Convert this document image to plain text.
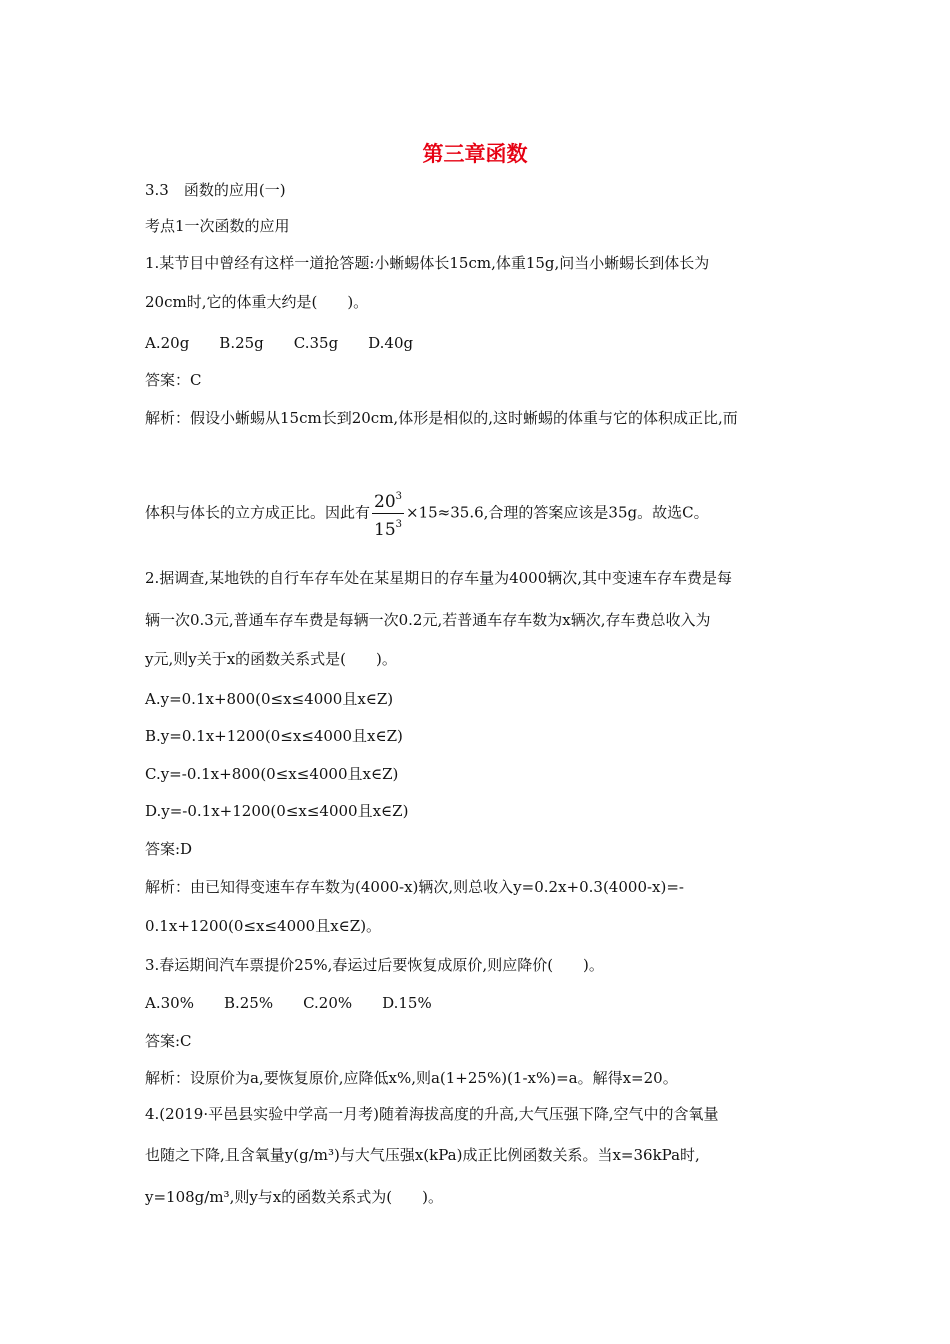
第三章函数
3.3　函数的应用(一)
考点1一次函数的应用
1.某节目中曾经有这样一道抢答题:小蜥蜴体长15cm,体重15g,问当小蜥蜴长到体长为
20cm时,它的体重大约是(　　)。
A.20g　　B.25g　　C.35g　　D.40g
答案：C
解析：假设小蜥蜴从15cm长到20cm,体形是相似的,这时蜥蜴的体重与它的体积成正比,而
体积与体长的立方成正比。因此有 $\frac{20^3}{15^3} \times 15\approx 35.6$,合理的答案应该是35g。故选C。
2.据调查,某地铁的自行车存车处在某星期日的存车量为4000辆次,其中变速车存车费是每
辆一次0.3元,普通车存车费是每辆一次0.2元,若普通车存车数为x辆次,存车费总收入为
y元,则y关于x的函数关系式是(　　)。
A.y=0.1x+800(0≤x≤4000且x∈Z)
B.y=0.1x+1200(0≤x≤4000且x∈Z)
C.y=-0.1x+800(0≤x≤4000且x∈Z)
D.y=-0.1x+1200(0≤x≤4000且x∈Z)
答案:D
解析：由已知得变速车存车数为(4000-x)辆次,则总收入y=0.2x+0.3(4000-x)=-
0.1x+1200(0≤x≤4000且x∈Z)。
3.春运期间汽车票提价25%,春运过后要恢复成原价,则应降价(　　)。
A.30%　　B.25%　　C.20%　　D.15%
答案:C
解析：设原价为a,要恢复原价,应降低x%,则a(1+25%)(1-x%)=a。解得x=20。
4.(2019·平邑县实验中学高一月考)随着海拔高度的升高,大气压强下降,空气中的含氧量
也随之下降,且含氧量y(g/m³)与大气压强x(kPa)成正比例函数关系。当x=36kPa时,
y=108g/m³,则y与x的函数关系式为(　　)。
